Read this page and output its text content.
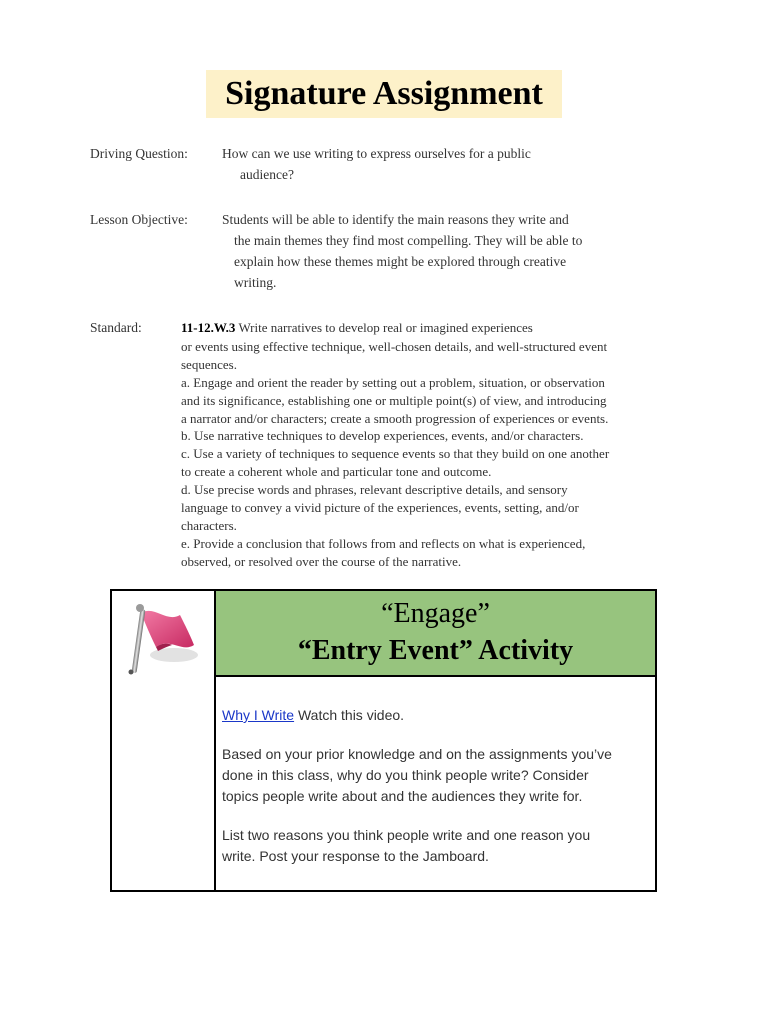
Signature Assignment
Driving Question:	How can we use writing to express ourselves for a public
audience?
Lesson Objective:	Students will be able to identify the main reasons they write and
the main themes they find most compelling. They will be able to
explain how these themes might be explored through creative
writing.
Standard:	11-12.W.3 Write narratives to develop real or imagined experiences
or events using effective technique, well-chosen details, and well-structured event
sequences.
a. Engage and orient the reader by setting out a problem, situation, or observation
and its significance, establishing one or multiple point(s) of view, and introducing
a narrator and/or characters; create a smooth progression of experiences or events.
b. Use narrative techniques to develop experiences, events, and/or characters.
c. Use a variety of techniques to sequence events so that they build on one another
to create a coherent whole and particular tone and outcome.
d. Use precise words and phrases, relevant descriptive details, and sensory
language to convey a vivid picture of the experiences, events, setting, and/or
characters.
e. Provide a conclusion that follows from and reflects on what is experienced,
observed, or resolved over the course of the narrative.
“Engage”
“Entry Event” Activity
Why I Write Watch this video.
Based on your prior knowledge and on the assignments you’ve
done in this class, why do you think people write? Consider
topics people write about and the audiences they write for.
List two reasons you think people write and one reason you
write. Post your response to the Jamboard.
